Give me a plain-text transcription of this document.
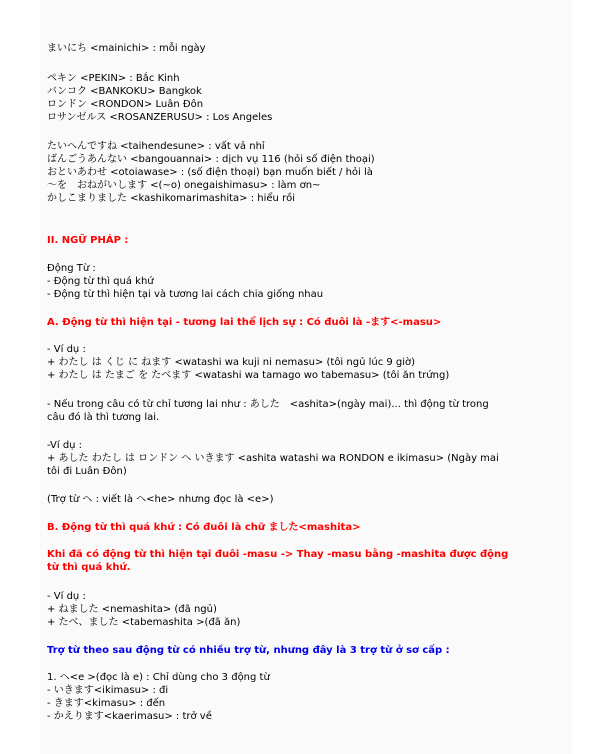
まいにち <mainichi> : mỗi ngày
ペキン <PEKIN> : Bắc Kinh
バンコク <BANKOKU> Bangkok
ロンドン <RONDON> Luân Đôn
ロサンゼルス <ROSANZERUSU> : Los Angeles
たいへんですね <taihendesune> : vất vả nhỉ
ばんごうあんない <bangouannai> : dịch vụ 116 (hỏi số điện thoại)
おといあわせ <otoiawase> : (số điện thoại) bạn muốn biết / hỏi là
～を　おねがいします <(~o) onegaishimasu> : làm ơn~
かしこまりました <kashikomarimashita> : hiểu rồi
II. NGỮ PHÁP :
Động Từ :
- Động từ thì quá khứ
- Động từ thì hiện tại và tương lai cách chia giống nhau
A. Động từ thì hiện tại - tương lai thể lịch sự : Có đuôi là -ます<-masu>
- Ví dụ :
+ わたし は くじ に ねます <watashi wa kuji ni nemasu> (tôi ngủ lúc 9 giờ)
+ わたし は たまご を たべます <watashi wa tamago wo tabemasu> (tôi ăn trứng)
- Nếu trong câu có từ chỉ tương lai như : あした　<ashita>(ngày mai)... thì động từ trong
câu đó là thì tương lai.
-Ví dụ :
+ あした わたし は ロンドン へ いきます <ashita watashi wa RONDON e ikimasu> (Ngày mai
tôi đi Luân Đôn)
(Trợ từ へ : viết là へ<he> nhưng đọc là <e>)
B. Động từ thì quá khứ : Có đuôi là chữ ました<mashita>
Khi đã có động từ thì hiện tại đuôi -masu -> Thay -masu bằng -mashita được động
từ thì quá khứ.
- Ví dụ :
+ ねました <nemashita> (đã ngủ)
+ たべ、ました <tabemashita >(đã ăn)
Trợ từ theo sau động từ có nhiều trợ từ, nhưng đây là 3 trợ từ ở sơ cấp :
1. へ<e >(đọc là e) : Chỉ dùng cho 3 động từ
- いきます<ikimasu> : đi
- きます<kimasu> : đến
- かえります<kaerimasu> : trở về
